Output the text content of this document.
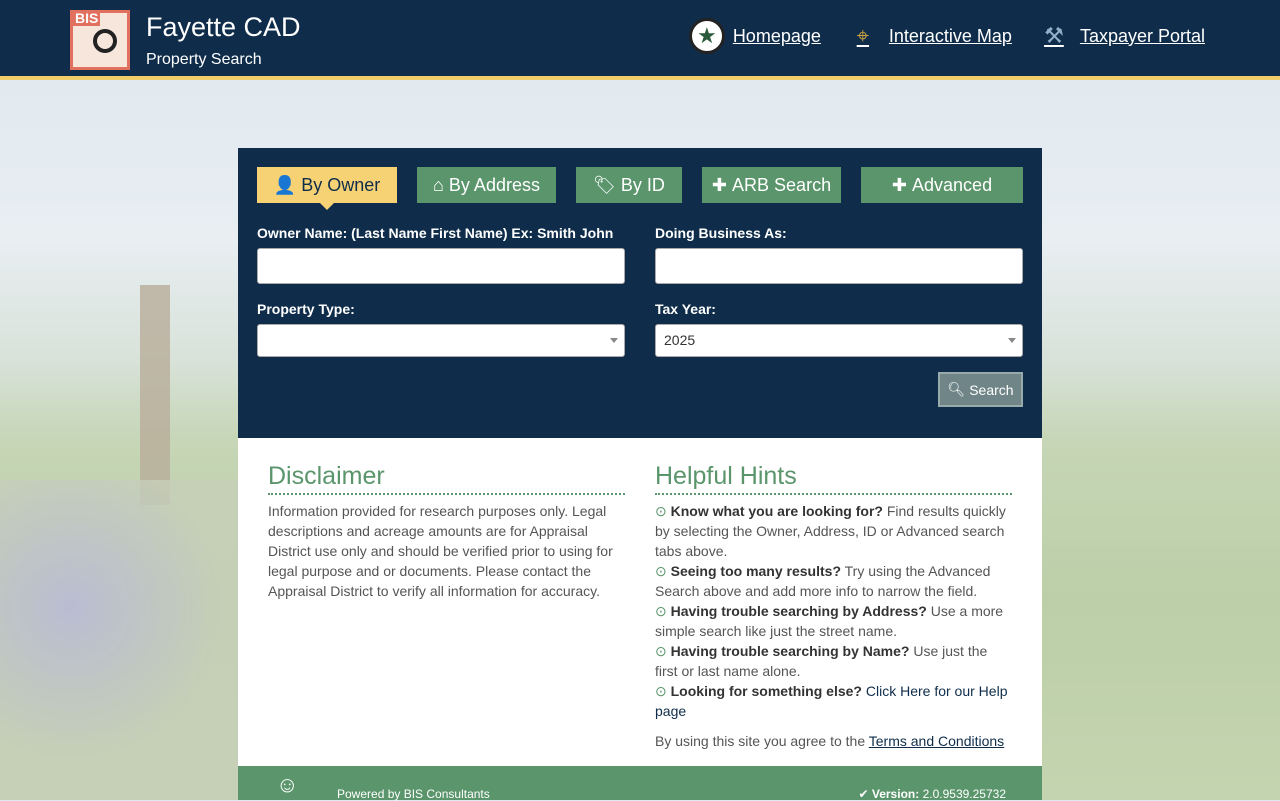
BIS Fayette CAD
Property Search
★ Homepage	⌖	Interactive Map	⚒ Taxpayer Portal
👤
By Owner	⌂
By Address	🏷
By ID	✚
ARB Search	✚
Advanced
Owner Name: (Last Name First Name) Ex: Smith John	Doing Business As:
Property Type:	Tax Year:
2025
🔍︎ Search
Disclaimer
Information provided for research purposes only. Legal descriptions and acreage amounts are for Appraisal District use only and should be verified prior to using for legal purpose and or documents. Please contact the Appraisal District to verify all information for accuracy.
Helpful Hints
⊙ Know what you are looking for? Find results quickly by selecting the Owner, Address, ID or Advanced search tabs above.
⊙ Seeing too many results? Try using the Advanced Search above and add more info to narrow the field.
⊙ Having trouble searching by Address? Use a more simple search like just the street name.
⊙ Having trouble searching by Name? Use just the first or last name alone.
⊙ Looking for something else? Click Here for our Help page
By using this site you agree to the Terms and Conditions
☺	Powered by BIS Consultants	✔ Version: 2.0.9539.25732
